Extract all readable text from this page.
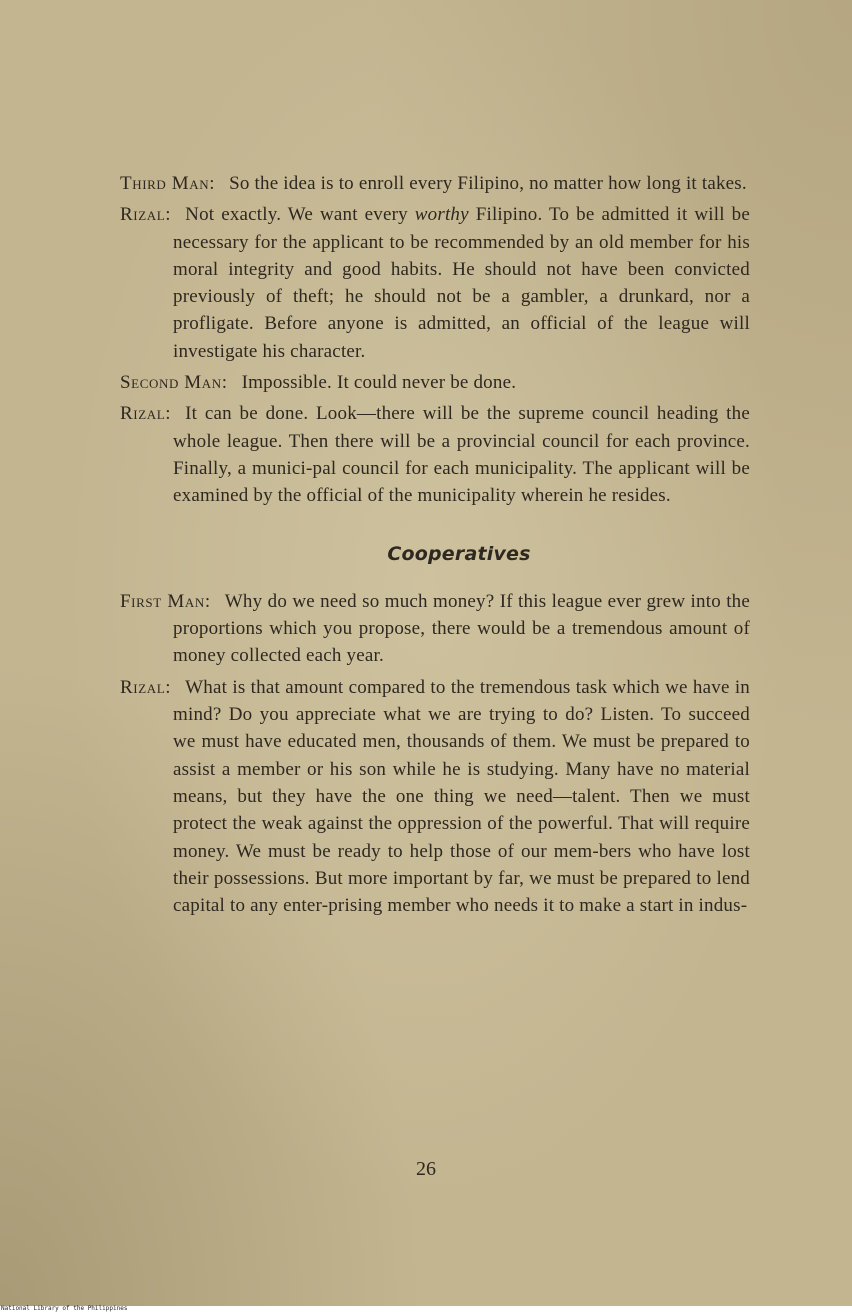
Third Man: So the idea is to enroll every Filipino, no matter how long it takes.

Rizal: Not exactly. We want every worthy Filipino. To be admitted it will be necessary for the applicant to be recommended by an old member for his moral integrity and good habits. He should not have been convicted previously of theft; he should not be a gambler, a drunkard, nor a profligate. Before anyone is admitted, an official of the league will investigate his character.

Second Man: Impossible. It could never be done.

Rizal: It can be done. Look—there will be the supreme council heading the whole league. Then there will be a provincial council for each province. Finally, a munici-pal council for each municipality. The applicant will be examined by the official of the municipality wherein he resides.

Cooperatives

First Man: Why do we need so much money? If this league ever grew into the proportions which you propose, there would be a tremendous amount of money collected each year.

Rizal: What is that amount compared to the tremendous task which we have in mind? Do you appreciate what we are trying to do? Listen. To succeed we must have educated men, thousands of them. We must be prepared to assist a member or his son while he is studying. Many have no material means, but they have the one thing we need—talent. Then we must protect the weak against the oppression of the powerful. That will require money. We must be ready to help those of our mem-bers who have lost their possessions. But more important by far, we must be prepared to lend capital to any enter-prising member who needs it to make a start in indus-

26
National Library of the Philippines
